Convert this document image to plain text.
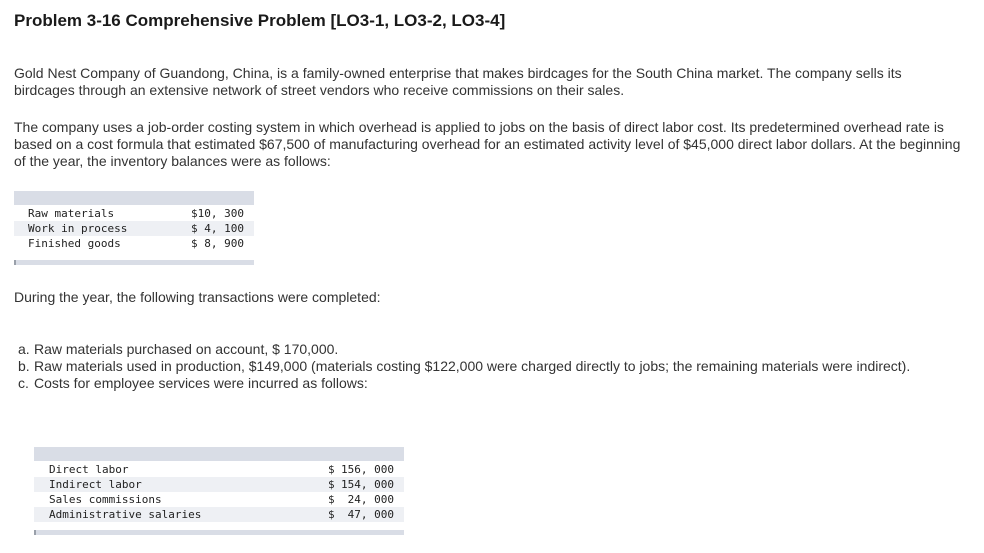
Problem 3-16 Comprehensive Problem [LO3-1, LO3-2, LO3-4]
Gold Nest Company of Guandong, China, is a family-owned enterprise that makes birdcages for the South China market. The company sells its birdcages through an extensive network of street vendors who receive commissions on their sales.
The company uses a job-order costing system in which overhead is applied to jobs on the basis of direct labor cost. Its predetermined overhead rate is based on a cost formula that estimated $67,500 of manufacturing overhead for an estimated activity level of $45,000 direct labor dollars. At the beginning of the year, the inventory balances were as follows:
Raw materials	$ 10, 300
Work in process	$ 4, 100
Finished goods	$ 8, 900
During the year, the following transactions were completed:
a. Raw materials purchased on account, $ 170,000.
b. Raw materials used in production, $149,000 (materials costing $122,000 were charged directly to jobs; the remaining materials were indirect).
c. Costs for employee services were incurred as follows:
Direct labor	$ 156, 000
Indirect labor	$ 154, 000
Sales commissions	$ 24, 000
Administrative salaries	$ 47, 000
